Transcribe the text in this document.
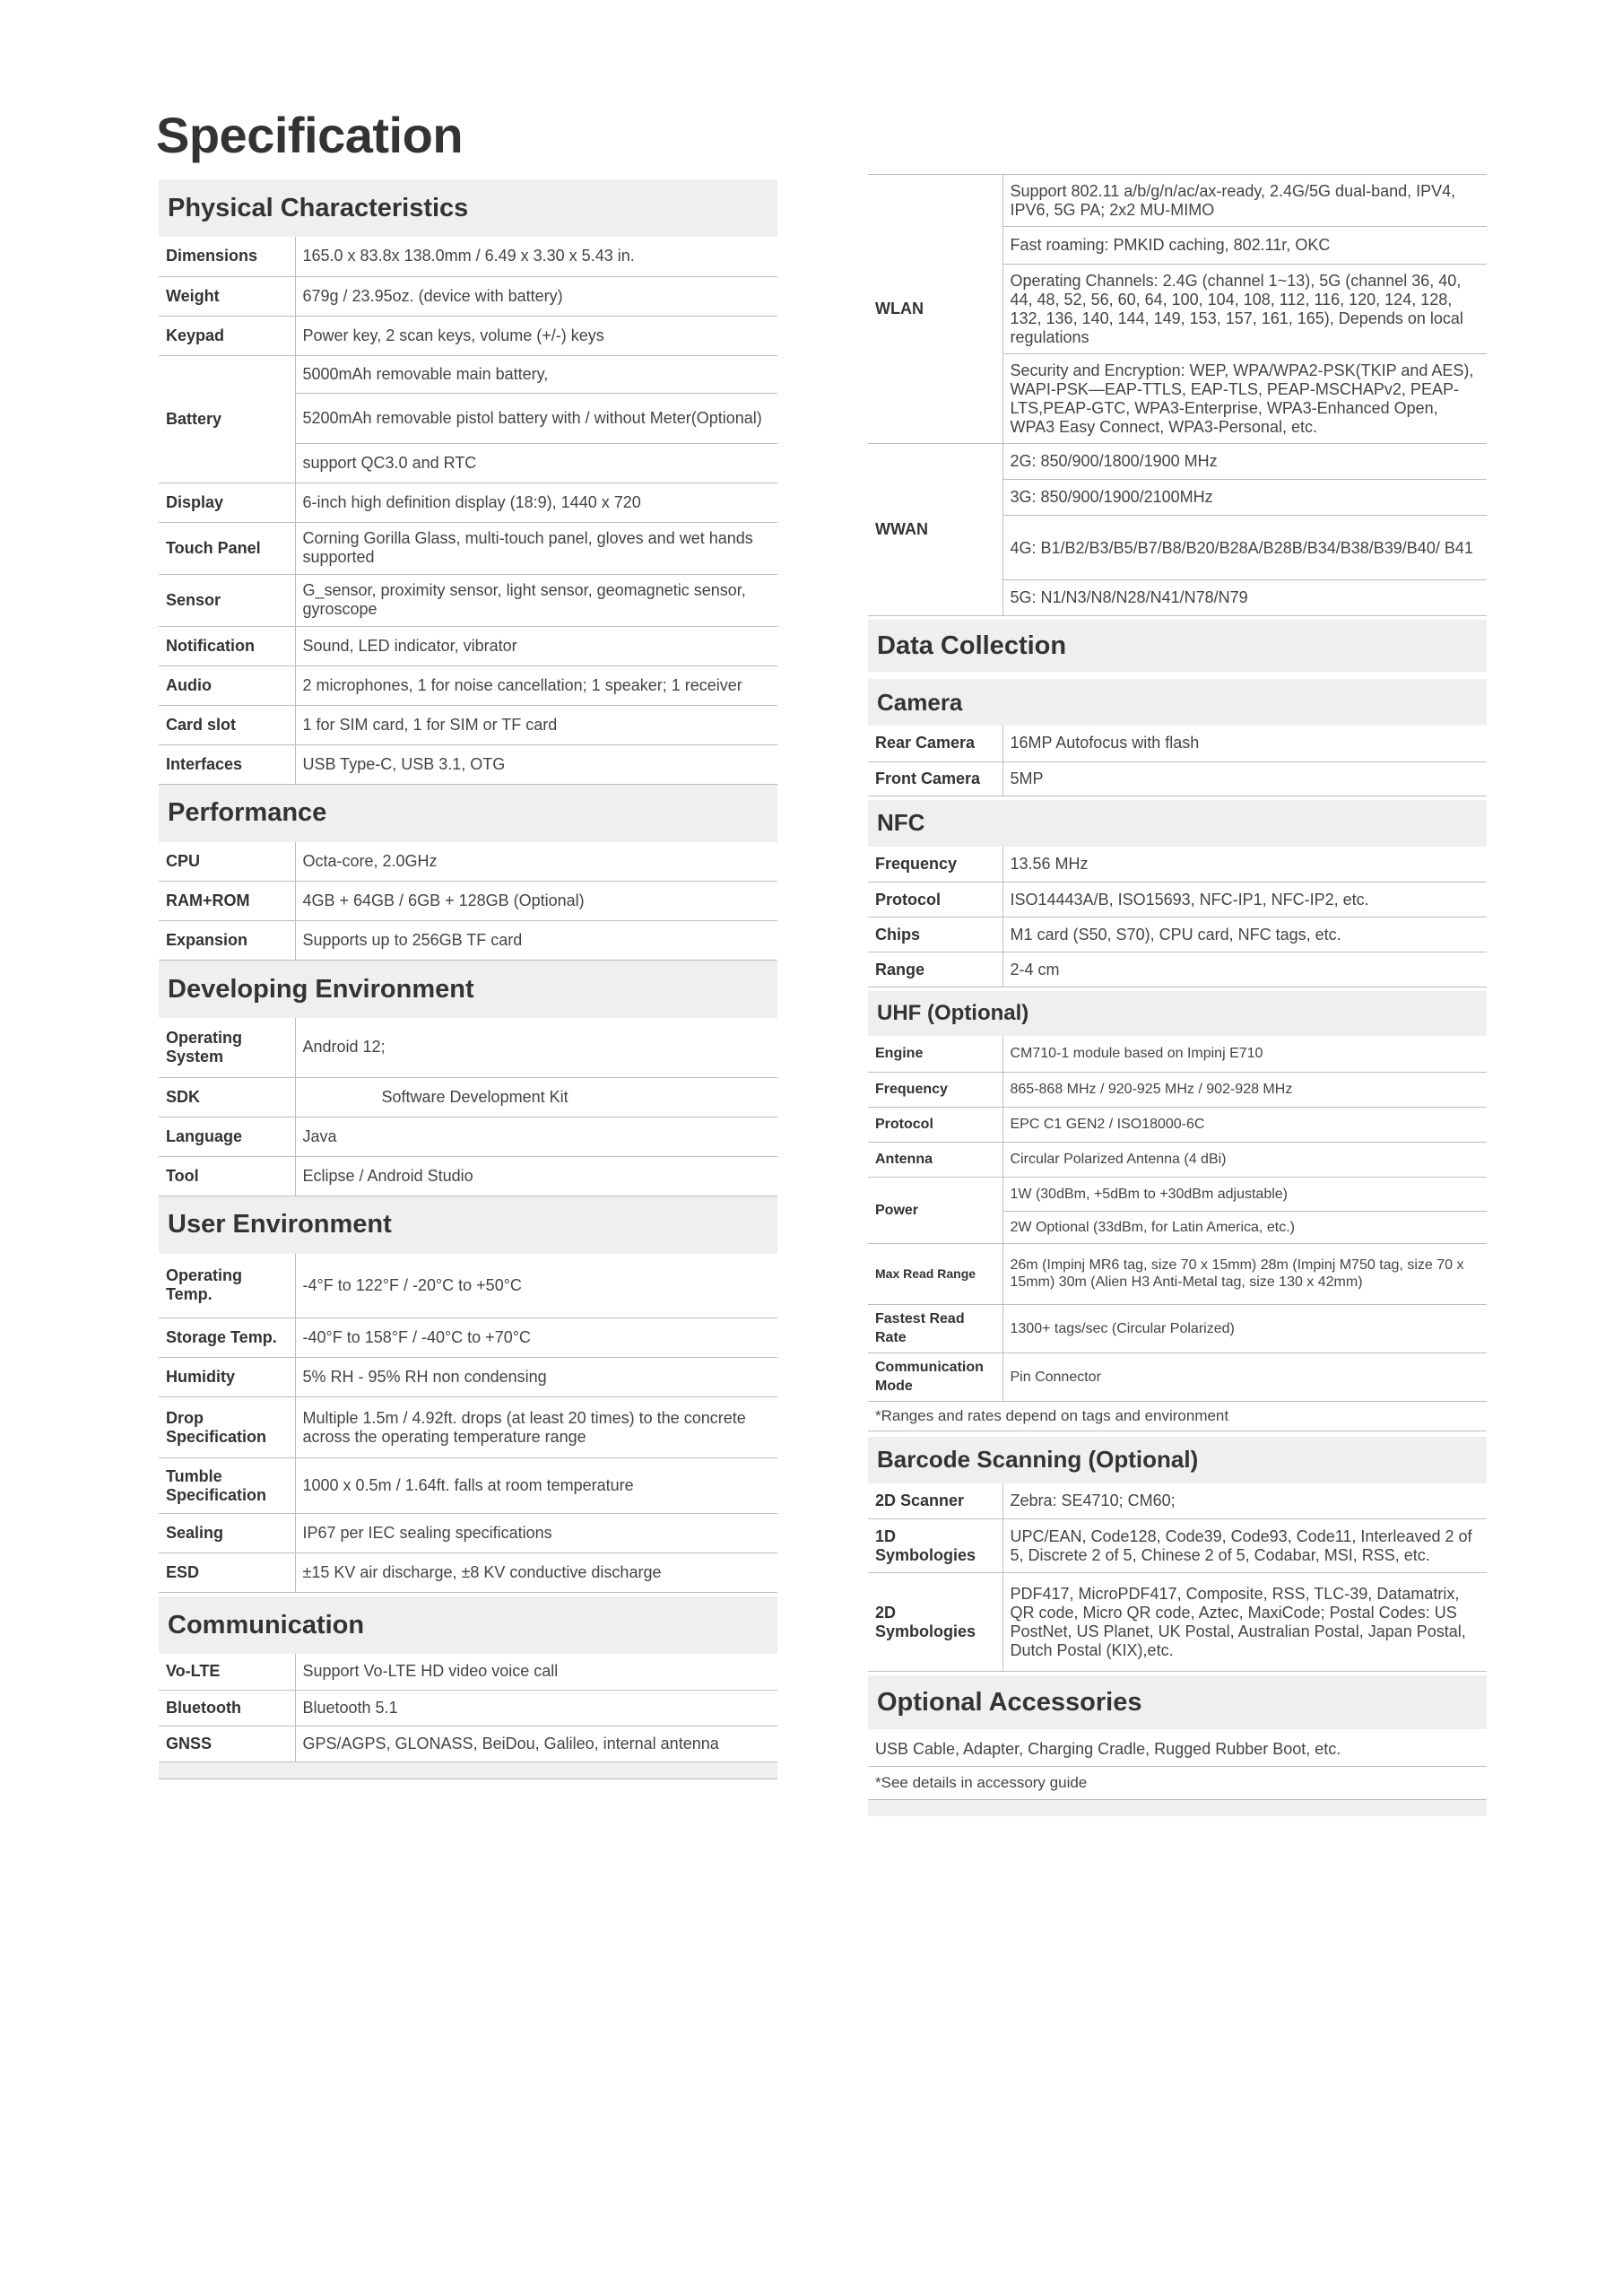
Specification
Physical Characteristics
Dimensions	165.0 x 83.8x 138.0mm / 6.49 x 3.30 x 5.43 in.
Weight	679g / 23.95oz. (device with battery)
Keypad	Power key, 2 scan keys, volume (+/-) keys
Battery	5000mAh removable main battery,
	5200mAh removable pistol battery with / without Meter(Optional)
	support QC3.0 and RTC
Display	6-inch high definition display (18:9), 1440 x 720
Touch Panel	Corning Gorilla Glass, multi-touch panel, gloves and wet hands supported
Sensor	G_sensor, proximity sensor, light sensor, geomagnetic sensor, gyroscope
Notification	Sound, LED indicator, vibrator
Audio	2 microphones, 1 for noise cancellation; 1 speaker; 1 receiver
Card slot	1 for SIM card, 1 for SIM or TF card
Interfaces	USB Type-C, USB 3.1, OTG
Performance
CPU	Octa-core, 2.0GHz
RAM+ROM	4GB + 64GB / 6GB + 128GB (Optional)
Expansion	Supports up to 256GB TF card
Developing Environment
Operating System	Android 12;
SDK	Software Development Kit
Language	Java
Tool	Eclipse / Android Studio
User Environment
Operating Temp.	-4°F to 122°F / -20°C to +50°C
Storage Temp.	-40°F to 158°F / -40°C to +70°C
Humidity	5% RH - 95% RH non condensing
Drop Specification	Multiple 1.5m / 4.92ft. drops (at least 20 times) to the concrete across the operating temperature range
Tumble Specification	1000 x 0.5m / 1.64ft. falls at room temperature
Sealing	IP67 per IEC sealing specifications
ESD	±15 KV air discharge, ±8 KV conductive discharge
Communication
Vo-LTE	Support Vo-LTE HD video voice call
Bluetooth	Bluetooth 5.1
GNSS	GPS/AGPS, GLONASS, BeiDou, Galileo, internal antenna
WLAN	Support 802.11 a/b/g/n/ac/ax-ready, 2.4G/5G dual-band, IPV4, IPV6, 5G PA; 2x2 MU-MIMO
	Fast roaming: PMKID caching, 802.11r, OKC
	Operating Channels: 2.4G (channel 1~13), 5G (channel 36, 40, 44, 48, 52, 56, 60, 64, 100, 104, 108, 112, 116, 120, 124, 128, 132, 136, 140, 144, 149, 153, 157, 161, 165), Depends on local regulations
	Security and Encryption: WEP, WPA/WPA2-PSK(TKIP and AES), WAPI-PSK—EAP-TTLS, EAP-TLS, PEAP-MSCHAPv2, PEAP-LTS,PEAP-GTC, WPA3-Enterprise, WPA3-Enhanced Open, WPA3 Easy Connect, WPA3-Personal, etc.
WWAN	2G: 850/900/1800/1900 MHz
	3G: 850/900/1900/2100MHz
	4G: B1/B2/B3/B5/B7/B8/B20/B28A/B28B/B34/B38/B39/B40/ B41
	5G: N1/N3/N8/N28/N41/N78/N79
Data Collection
Camera
Rear Camera	16MP Autofocus with flash
Front Camera	5MP
NFC
Frequency	13.56 MHz
Protocol	ISO14443A/B, ISO15693, NFC-IP1, NFC-IP2, etc.
Chips	M1 card (S50, S70), CPU card, NFC tags, etc.
Range	2-4 cm
UHF (Optional)
Engine	CM710-1 module based on Impinj E710
Frequency	865-868 MHz / 920-925 MHz / 902-928 MHz
Protocol	EPC C1 GEN2 / ISO18000-6C
Antenna	Circular Polarized Antenna (4 dBi)
Power	1W (30dBm, +5dBm to +30dBm adjustable)
	2W Optional (33dBm, for Latin America, etc.)
Max Read Range	26m (Impinj MR6 tag, size 70 x 15mm) 28m (Impinj M750 tag, size 70 x 15mm) 30m (Alien H3 Anti-Metal tag, size 130 x 42mm)
Fastest Read Rate	1300+ tags/sec (Circular Polarized)
Communication Mode	Pin Connector
*Ranges and rates depend on tags and environment
Barcode Scanning (Optional)
2D Scanner	Zebra: SE4710; CM60;
1D Symbologies	UPC/EAN, Code128, Code39, Code93, Code11, Interleaved 2 of 5, Discrete 2 of 5, Chinese 2 of 5, Codabar, MSI, RSS, etc.
2D Symbologies	PDF417, MicroPDF417, Composite, RSS, TLC-39, Datamatrix, QR code, Micro QR code, Aztec, MaxiCode; Postal Codes: US PostNet, US Planet, UK Postal, Australian Postal, Japan Postal, Dutch Postal (KIX),etc.
Optional Accessories
USB Cable, Adapter, Charging Cradle, Rugged Rubber Boot, etc.
*See details in accessory guide
